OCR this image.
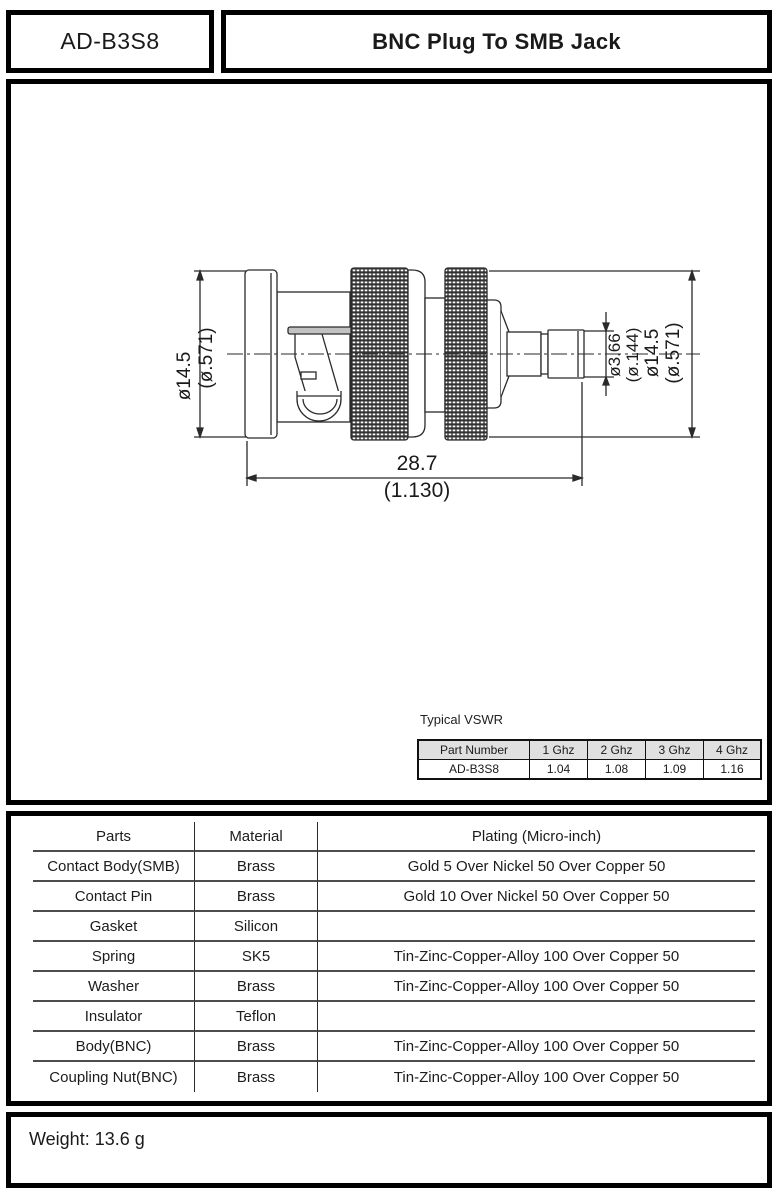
AD-B3S8	BNC Plug To SMB Jack
ø14.5 (ø.571)	ø3.66 (ø.144) ø14.5 (ø.571)
28.7
(1.130)
Typical VSWR
Part Number	1 Ghz	2 Ghz	3 Ghz	4 Ghz
AD-B3S8	1.04	1.08	1.09	1.16
Parts	Material	Plating (Micro-inch)
Contact Body(SMB)	Brass	Gold 5 Over Nickel 50 Over Copper 50
Contact Pin	Brass	Gold 10 Over Nickel 50 Over Copper 50
Gasket	Silicon
Spring	SK5	Tin-Zinc-Copper-Alloy 100 Over Copper 50
Washer	Brass	Tin-Zinc-Copper-Alloy 100 Over Copper 50
Insulator	Teflon
Body(BNC)	Brass	Tin-Zinc-Copper-Alloy 100 Over Copper 50
Coupling Nut(BNC)	Brass	Tin-Zinc-Copper-Alloy 100 Over Copper 50
Weight: 13.6 g
